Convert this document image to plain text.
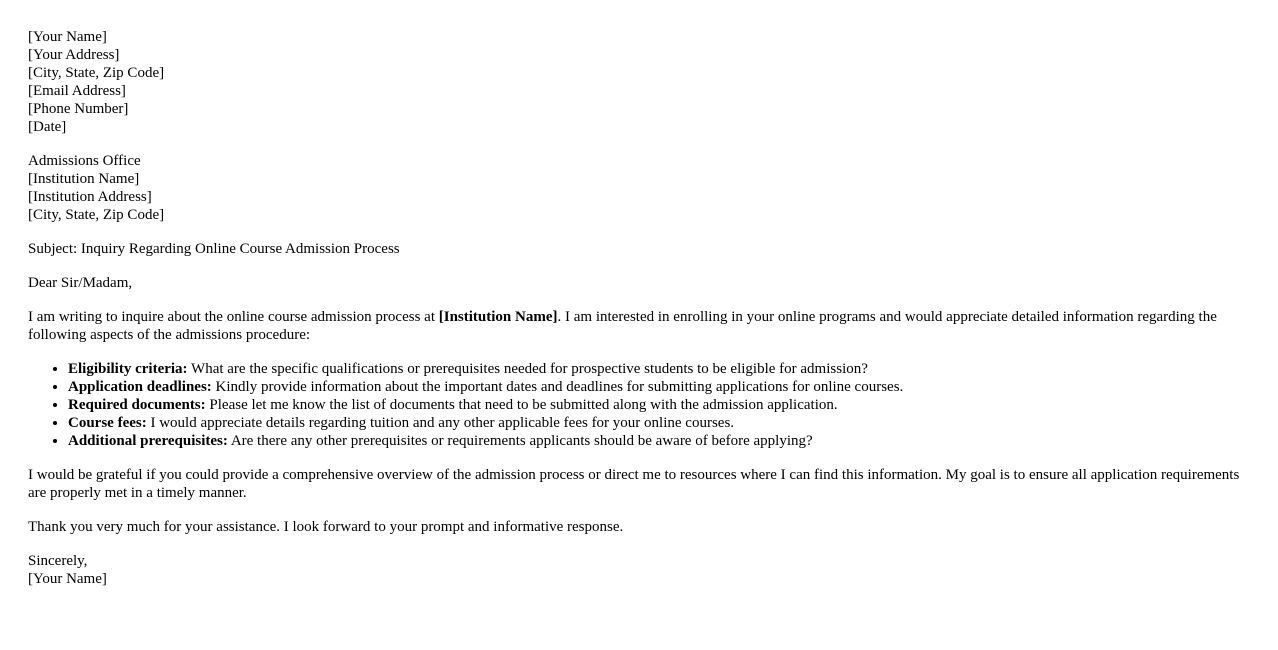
[Your Name]
[Your Address]
[City, State, Zip Code]
[Email Address]
[Phone Number]
[Date]
Admissions Office
[Institution Name]
[Institution Address]
[City, State, Zip Code]

Subject: Inquiry Regarding Online Course Admission Process

Dear Sir/Madam,

I am writing to inquire about the online course admission process at [Institution Name]. I am interested in enrolling in your online programs and would appreciate detailed information regarding the following aspects of the admissions procedure:

• Eligibility criteria: What are the specific qualifications or prerequisites needed for prospective students to be eligible for admission?
• Application deadlines: Kindly provide information about the important dates and deadlines for submitting applications for online courses.
• Required documents: Please let me know the list of documents that need to be submitted along with the admission application.
• Course fees: I would appreciate details regarding tuition and any other applicable fees for your online courses.
• Additional prerequisites: Are there any other prerequisites or requirements applicants should be aware of before applying?

I would be grateful if you could provide a comprehensive overview of the admission process or direct me to resources where I can find this information. My goal is to ensure all application requirements are properly met in a timely manner.

Thank you very much for your assistance. I look forward to your prompt and informative response.

Sincerely,
[Your Name]
